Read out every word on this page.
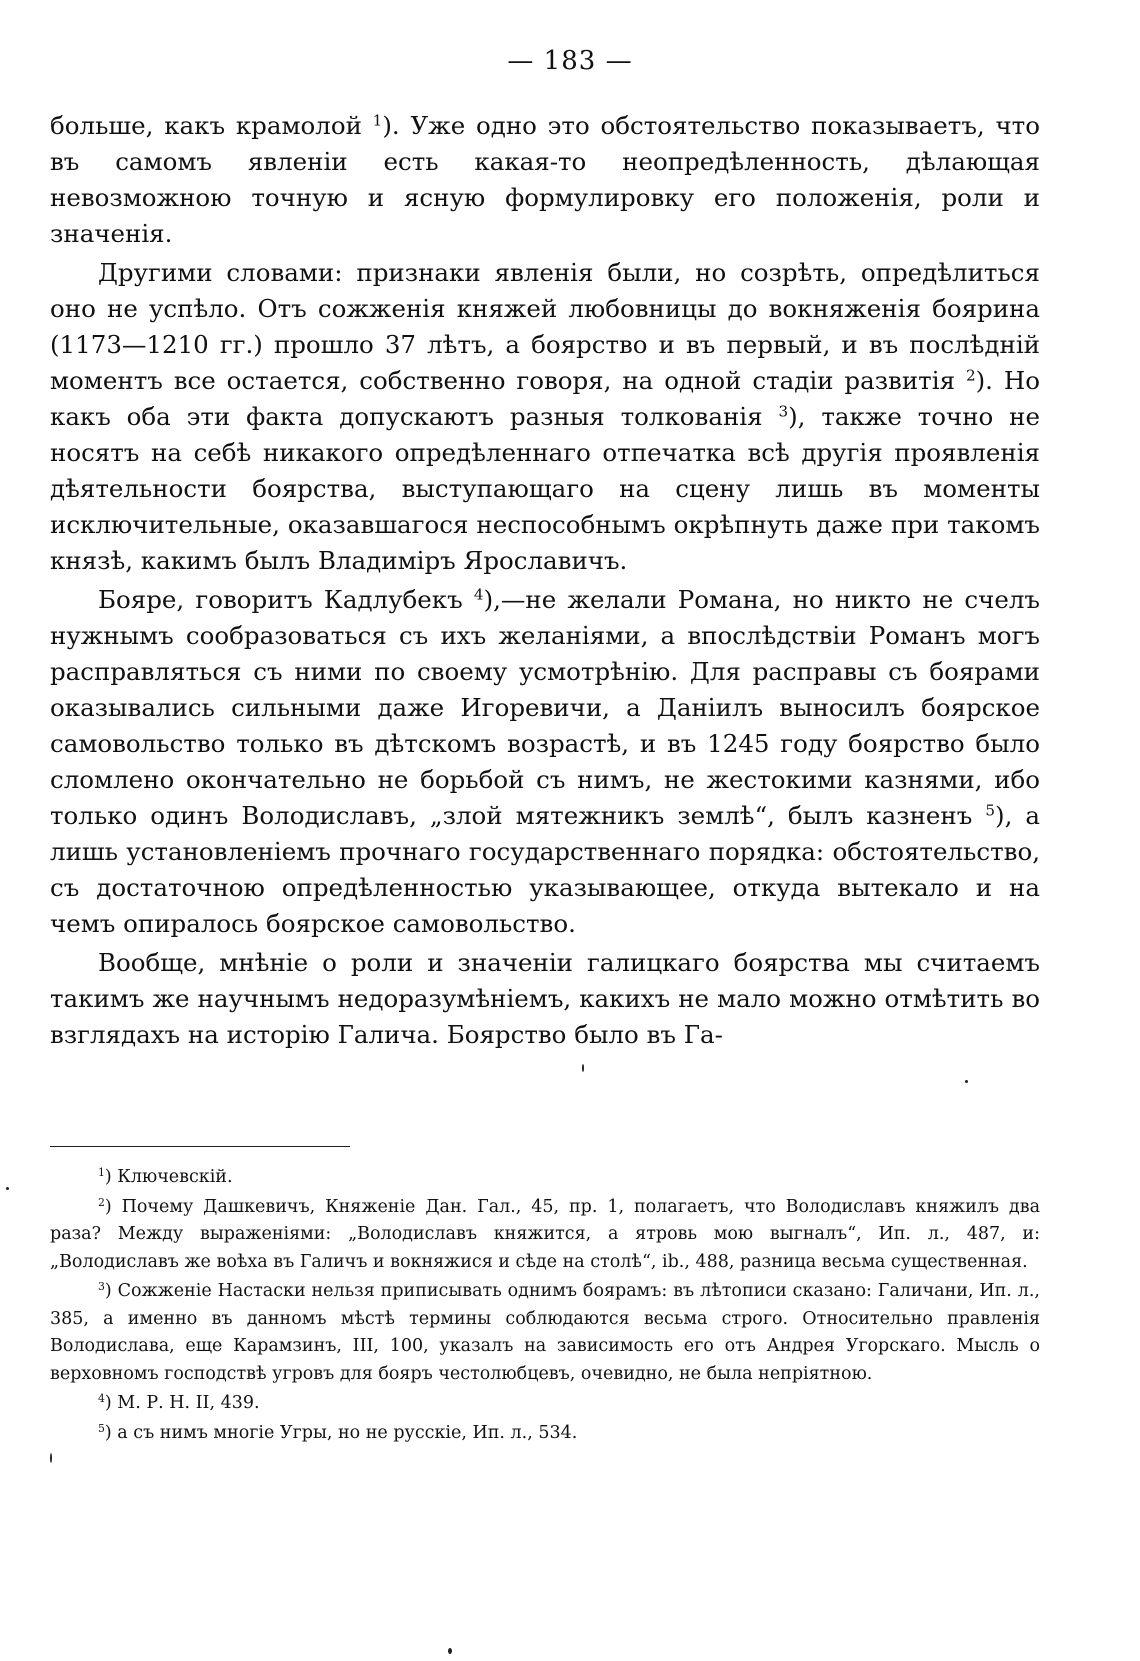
— 183 —

больше, какъ крамолой $^1$). Уже одно это обстоятельство показываетъ, что въ самомъ явленіи есть какая-то неопредѣленность, дѣлающая невозможною точную и ясную формулировку его положенія, роли и значенія.

Другими словами: признаки явленія были, но созрѣть, опредѣлиться оно не успѣло. Отъ сожженія княжей любовницы до вокняженія боярина (1173—1210 гг.) прошло 37 лѣтъ, а боярство и въ первый, и въ послѣдній моментъ все остается, собственно говоря, на одной стадіи развитія $^2$). Но какъ оба эти факта допускаютъ разныя толкованія $^3$), также точно не носятъ на себѣ никакого опредѣленнаго отпечатка всѣ другія проявленія дѣятельности боярства, выступающаго на сцену лишь въ моменты исключительные, оказавшагося неспособнымъ окрѣпнуть даже при такомъ князѣ, какимъ былъ Владиміръ Ярославичъ.

Бояре, говоритъ Кадлубекъ $^4$),—не желали Романа, но никто не счелъ нужнымъ сообразоваться съ ихъ желаніями, а впослѣдствіи Романъ могъ расправляться съ ними по своему усмотрѣнію. Для расправы съ боярами оказывались сильными даже Игоревичи, а Даніилъ выносилъ боярское самовольство только въ дѣтскомъ возрастѣ, и въ 1245 году боярство было сломлено окончательно не борьбой съ нимъ, не жестокими казнями, ибо только одинъ Володиславъ, „злой мятежникъ землѣ“, былъ казненъ $^5$), а лишь установленіемъ прочнаго государственнаго порядка: обстоятельство, съ достаточною опредѣленностью указывающее, откуда вытекало и на чемъ опиралось боярское самовольство.

Вообще, мнѣніе о роли и значеніи галицкаго боярства мы считаемъ такимъ же научнымъ недоразумѣніемъ, какихъ не мало можно отмѣтить во взглядахъ на исторію Галича. Боярство было въ Га-

$^1$) Ключевскій.

$^2$) Почему Дашкевичъ, Княженіе Дан. Гал., 45, пр. 1, полагаетъ, что Володиславъ княжилъ два раза? Между выраженіями: „Володиславъ княжится, а ятровь мою выгналъ“, Ип. л., 487, и: „Володиславъ же воѣха въ Галичъ и вокняжися и сѣде на столѣ“, ib., 488, разница весьма существенная.

$^3$) Сожженіе Настаски нельзя приписывать однимъ боярамъ: въ лѣтописи сказано: Галичани, Ип. л., 385, а именно въ данномъ мѣстѣ термины соблюдаются весьма строго. Относительно правленія Володислава, еще Карамзинъ, III, 100, указалъ на зависимость его отъ Андрея Угорскаго. Мысль о верховномъ господствѣ угровъ для бояръ честолюбцевъ, очевидно, не была непріятною.

$^4$) М. Р. Н. II, 439.

$^5$) а съ нимъ многіе Угры, но не русскіе, Ип. л., 534.
